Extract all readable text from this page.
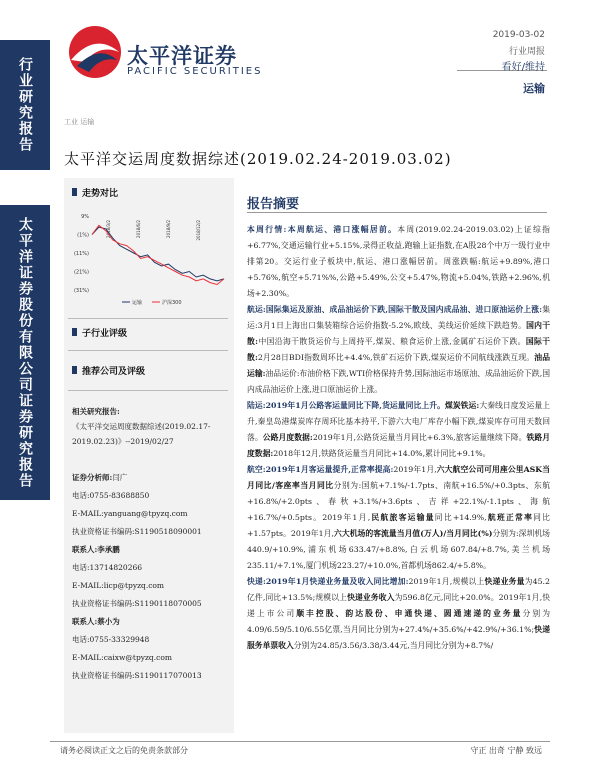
行业研究报告
太平洋证券股份有限公司证券研究报告
太平洋证券
PACIFIC SECURITIES
2019-03-02
行业周报
看好/维持
运输
工业 运输
太平洋交运周度数据综述(2019.02.24-2019.03.02)
走势对比
9%
(1%)
(11%)
(21%)
(31%)
2018/3/2	2018/6/2	2018/9/2	2018/12/2
运输	沪深300
子行业评级
推荐公司及评级
相关研究报告:
《太平洋交运周度数据综述(2019.02.17-2019.02.23)》--2019/02/27
证券分析师:闫广
电话:0755-83688850
E-MAIL:yanguang@tpyzq.com
执业资格证书编码:S1190518090001
联系人:李承鹏
电话:13714820266
E-MAIL:licp@tpyzq.com
执业资格证书编码:S1190118070005
联系人:蔡小为
电话:0755-33329948
E-MAIL:caixw@tpyzq.com
执业资格证书编码:S1190117070013
报告摘要

本周行情:本周航运、港口涨幅居前。本周(2019.02.24-2019.03.02)上证综指+6.77%,交通运输行业+5.15%,录得正收益,跑输上证指数,在A股28个中万一级行业中排第20。交运行业子板块中,航运、港口涨幅居前。周涨跌幅:航运+9.89%,港口+5.76%,航空+5.71%%,公路+5.49%,公交+5.47%,物流+5.04%,铁路+2.96%,机场+2.30%。

航运:国际集运及原油、成品油运价下跌,国际干散及国内成品油、进口原油运价上涨:集运:3月1日上海出口集装箱综合运价指数-5.2%,欧线、美线运价延续下跌趋势。国内干散:中国沿海干散货运价与上周持平,煤炭、粮食运价上涨,金属矿石运价下跌。国际干散:2月28日BDI指数周环比+4.4%,铁矿石运价下跌,煤炭运价不同航线涨跌互现。油品运输:油品运价:布油价格下跌,WTI价格保持升势,国际油运市场原油、成品油运价下跌,国内成品油运价上涨,进口原油运价上涨。

陆运:2019年1月公路客运量同比下降,货运量同比上升。煤炭铁运:大秦线日度发运量上升,秦皇岛港煤炭库存周环比基本持平,下游六大电厂库存小幅下跌,煤炭库存可用天数回落。公路月度数据:2019年1月,公路货运量当月同比+6.3%,旅客运量继续下降。铁路月度数据:2018年12月,铁路货运量当月同比+14.0%,累计同比+9.1%。

航空:2019年1月客运量提升,正常率提高:2019年1月,六大航空公司可用座公里ASK当月同比/客座率当月同比分别为:国航+7.1%/-1.7pts、南航+16.5%/+0.3pts、东航+16.8%/+2.0pts、春秋+3.1%/+3.6pts、吉祥+22.1%/-1.1pts、海航+16.7%/+0.5pts。2019年1月,民航旅客运输量同比+14.9%,航班正常率同比+1.57pts。2019年1月,六大机场的客流量当月值(万人)/当月同比(%)分别为:深圳机场440.9/+10.9%,浦东机场633.47/+8.8%,白云机场607.84/+8.7%,美兰机场235.11/+7.1%,厦门机场223.27/+10.0%,首都机场862.4/+5.8%。

快递:2019年1月快递业务量及收入同比增加:2019年1月,规模以上快递业务量为45.2亿件,同比+13.5%;规模以上快递业务收入为596.8亿元,同比+20.0%。2019年1月,快递上市公司顺丰控股、韵达股份、申通快递、圆通速递的业务量分别为4.09/6.59/5.10/6.55亿票,当月同比分别为+27.4%/+35.6%/+42.9%/+36.1%;快递服务单票收入分别为24.85/3.56/3.38/3.44元,当月同比分别为+8.7%/

请务必阅读正文之后的免责条款部分	守正 出奇 宁静 致远
